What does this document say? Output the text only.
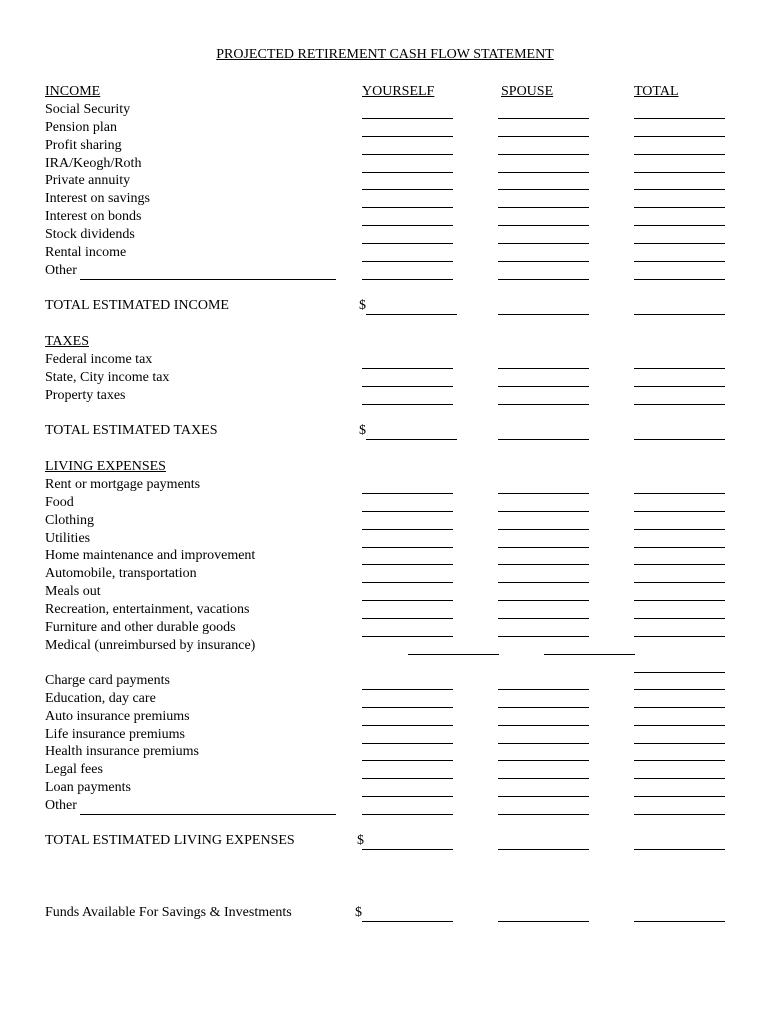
PROJECTED RETIREMENT CASH FLOW STATEMENT
INCOME	YOURSELF	SPOUSE	TOTAL
Social Security
Pension plan
Profit sharing
IRA/Keogh/Roth
Private annuity
Interest on savings
Interest on bonds
Stock dividends
Rental income
Other
TOTAL ESTIMATED INCOME	$
TAXES
Federal income tax
State, City income tax
Property taxes
TOTAL ESTIMATED TAXES	$
LIVING EXPENSES
Rent or mortgage payments
Food
Clothing
Utilities
Home maintenance and improvement
Automobile, transportation
Meals out
Recreation, entertainment, vacations
Furniture and other durable goods
Medical (unreimbursed by insurance)
Charge card payments
Education, day care
Auto insurance premiums
Life insurance premiums
Health insurance premiums
Legal fees
Loan payments
Other
TOTAL ESTIMATED LIVING EXPENSES	$
Funds Available For Savings & Investments	$
